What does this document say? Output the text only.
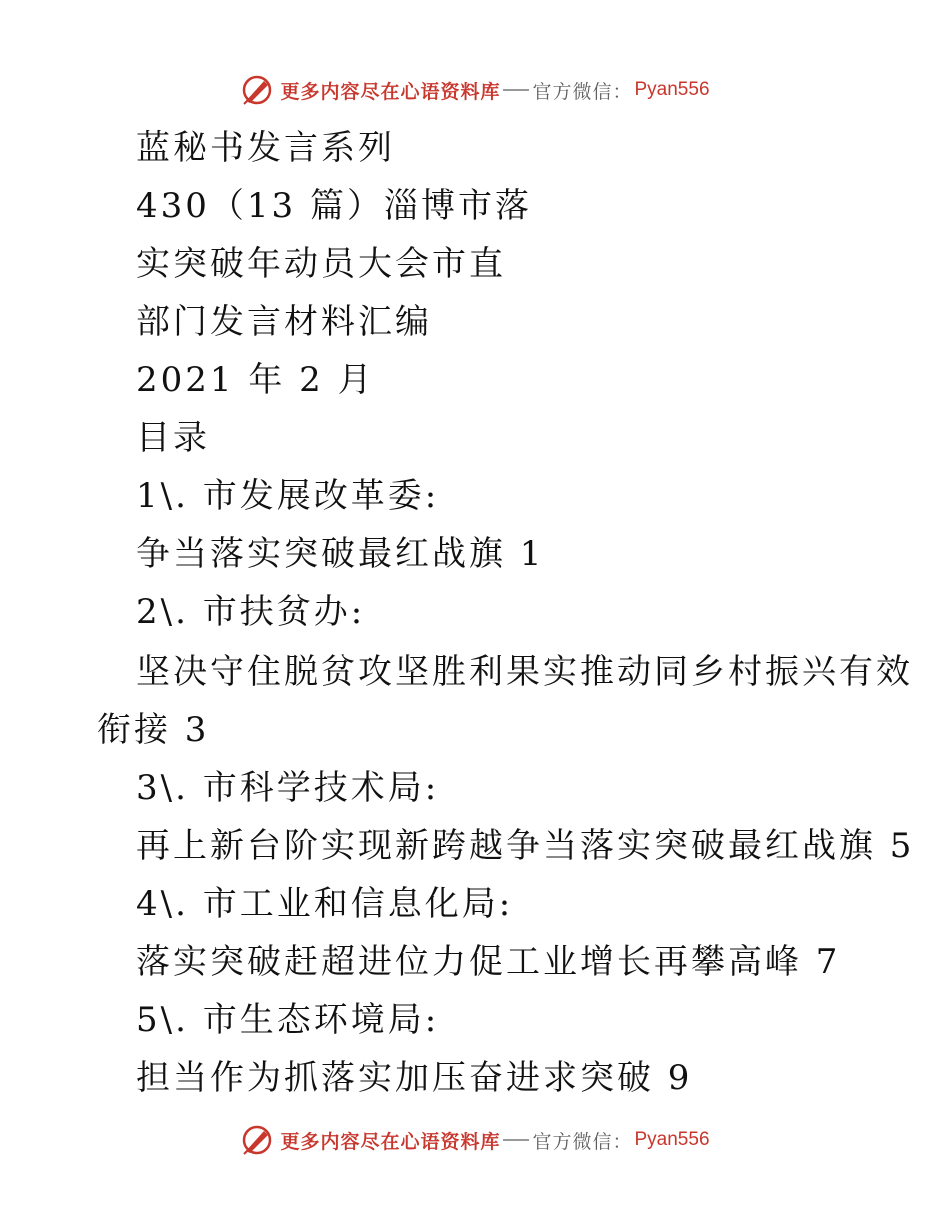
更多内容尽在心语资料库 官方微信： Pyan556
蓝秘书发言系列
430（13 篇）淄博市落
实突破年动员大会市直
部门发言材料汇编
2021 年 2 月
目录
1\. 市发展改革委:
争当落实突破最红战旗 1
2\. 市扶贫办:
坚决守住脱贫攻坚胜利果实推动同乡村振兴有效
衔接 3
3\. 市科学技术局:
再上新台阶实现新跨越争当落实突破最红战旗 5
4\. 市工业和信息化局:
落实突破赶超进位力促工业增长再攀高峰 7
5\. 市生态环境局:
担当作为抓落实加压奋进求突破 9
更多内容尽在心语资料库 官方微信： Pyan556
